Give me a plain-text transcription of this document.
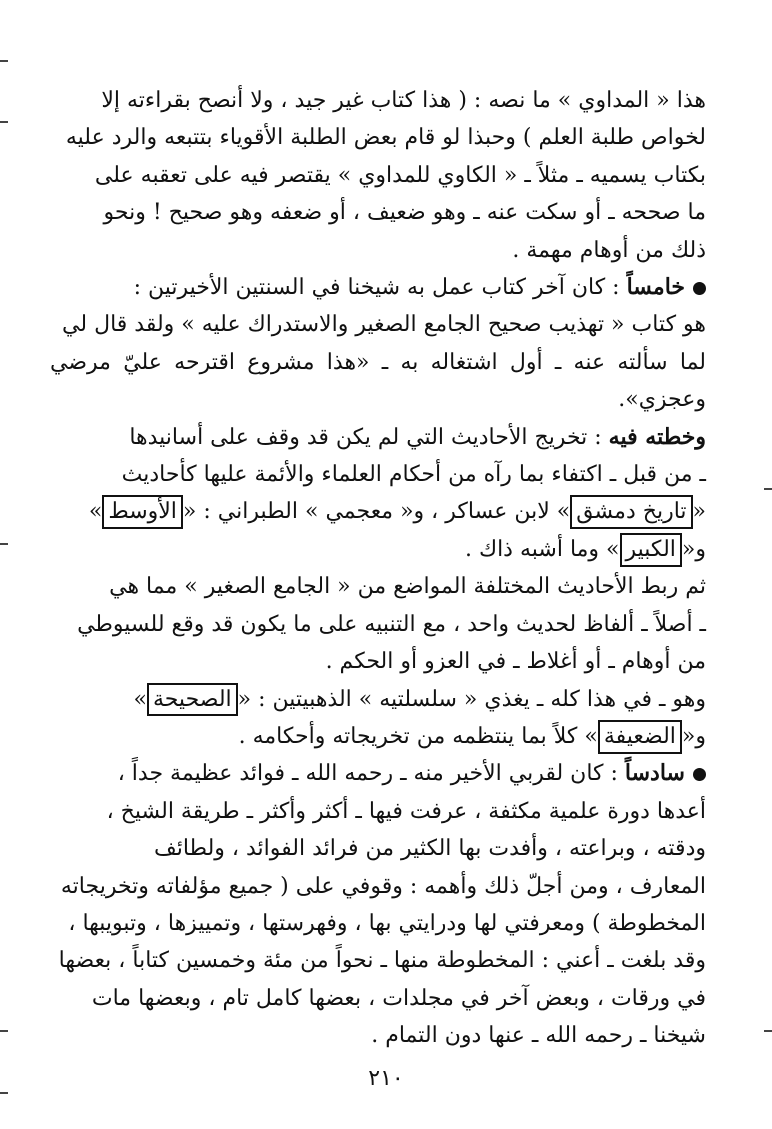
هذا « المداوي » ما نصه : ( هذا كتاب غير جيد ، ولا أنصح بقراءته إلا

لخواص طلبة العلم ) وحبذا لو قام بعض الطلبة الأقوياء بتتبعه والرد عليه

بكتاب يسميه ـ مثلاً ـ « الكاوي للمداوي » يقتصر فيه على تعقبه على

ما صححه ـ أو سكت عنه ـ وهو ضعيف ، أو ضعفه وهو صحيح ! ونحو

ذلك من أوهام مهمة .

خامساً : كان آخر كتاب عمل به شيخنا في السنتين الأخيرتين :

هو كتاب « تهذيب صحيح الجامع الصغير والاستدراك عليه » ولقد قال لي

لما سألته عنه ـ أول اشتغاله به ـ «هذا مشروع اقترحه عليّ مرضي وعجزي».

وخطته فيه : تخريج الأحاديث التي لم يكن قد وقف على أسانيدها

ـ من قبل ـ اكتفاء بما رآه من أحكام العلماء والأئمة عليها كأحاديث

«تاريخ دمشق» لابن عساكر ، و« معجمي » الطبراني : «الأوسط»

و«الكبير» وما أشبه ذاك .

ثم ربط الأحاديث المختلفة المواضع من « الجامع الصغير » مما هي

ـ أصلاً ـ ألفاظ لحديث واحد ، مع التنبيه على ما يكون قد وقع للسيوطي

من أوهام ـ أو أغلاط ـ في العزو أو الحكم .

وهو ـ في هذا كله ـ يغذي « سلسلتيه » الذهبيتين : «الصحيحة»

و«الضعيفة» كلاً بما ينتظمه من تخريجاته وأحكامه .

سادساً : كان لقربي الأخير منه ـ رحمه الله ـ فوائد عظيمة جداً ،

أعدها دورة علمية مكثفة ، عرفت فيها ـ أكثر وأكثر ـ طريقة الشيخ ،

ودقته ، وبراعته ، وأفدت بها الكثير من فرائد الفوائد ، ولطائف

المعارف ، ومن أجلّ ذلك وأهمه : وقوفي على ( جميع مؤلفاته وتخريجاته

المخطوطة ) ومعرفتي لها ودرايتي بها ، وفهرستها ، وتمييزها ، وتبويبها ،

وقد بلغت ـ أعني : المخطوطة منها ـ نحواً من مئة وخمسين كتاباً ، بعضها

في ورقات ، وبعض آخر في مجلدات ، بعضها كامل تام ، وبعضها مات

شيخنا ـ رحمه الله ـ عنها دون التمام .

٢١٠
